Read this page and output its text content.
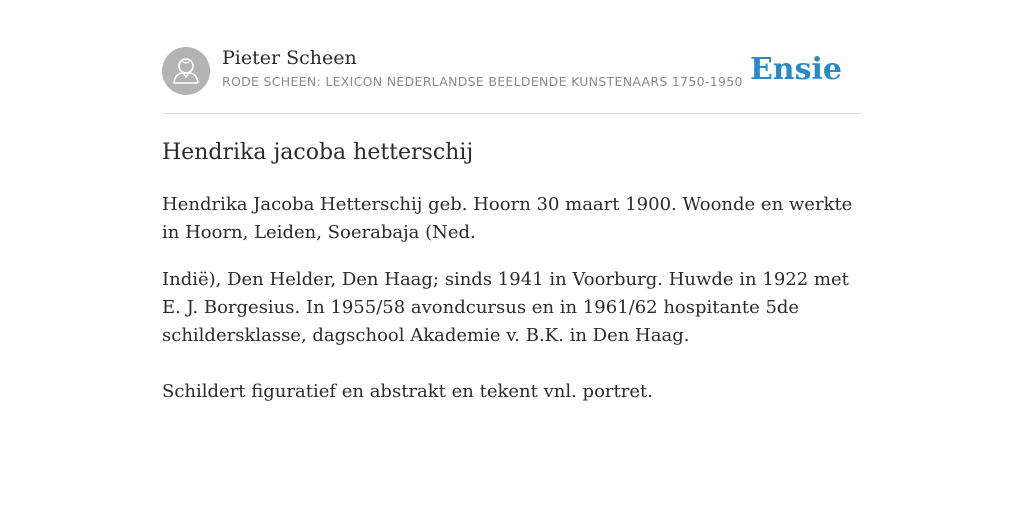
Pieter Scheen
RODE SCHEEN: LEXICON NEDERLANDSE BEELDENDE KUNSTENAARS 1750-1950 Ensie
Hendrika jacoba hetterschij

Hendrika Jacoba Hetterschij geb. Hoorn 30 maart 1900. Woonde en werkte in Hoorn, Leiden, Soerabaja (Ned.

Indië), Den Helder, Den Haag; sinds 1941 in Voorburg. Huwde in 1922 met E. J. Borgesius. In 1955/58 avondcursus en in 1961/62 hospitante 5de schildersklasse, dagschool Akademie v. B.K. in Den Haag.

Schildert figuratief en abstrakt en tekent vnl. portret.
